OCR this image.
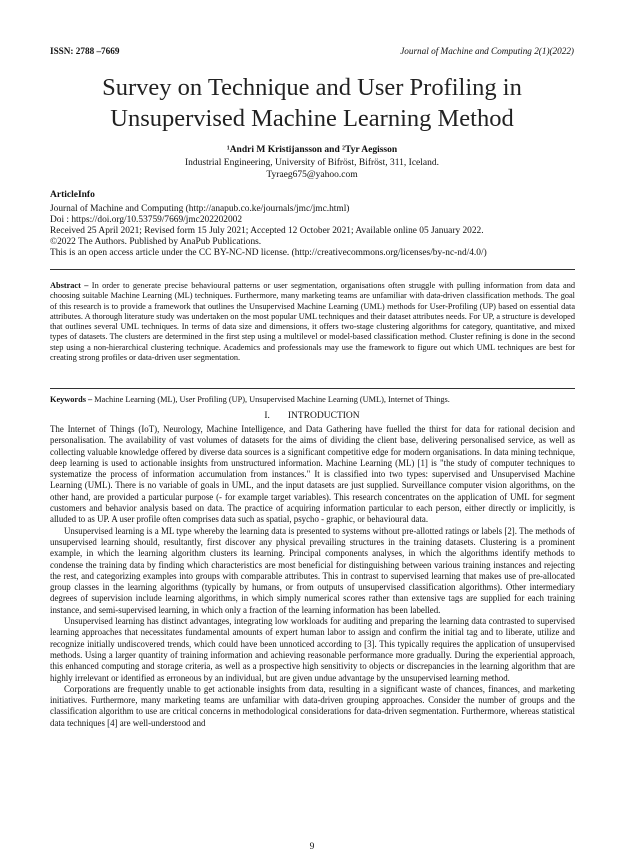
ISSN: 2788 –7669	Journal of Machine and Computing 2(1)(2022)
Survey on Technique and User Profiling in Unsupervised Machine Learning Method
¹Andri M Kristijansson and ²Tyr Aegisson
Industrial Engineering, University of Bifröst, Bifröst, 311, Iceland.
Tyraeg675@yahoo.com
ArticleInfo
Journal of Machine and Computing (http://anapub.co.ke/journals/jmc/jmc.html)
Doi : https://doi.org/10.53759/7669/jmc202202002
Received 25 April 2021; Revised form 15 July 2021; Accepted 12 October 2021; Available online 05 January 2022.
©2022 The Authors. Published by AnaPub Publications.
This is an open access article under the CC BY-NC-ND license. (http://creativecommons.org/licenses/by-nc-nd/4.0/)
Abstract – In order to generate precise behavioural patterns or user segmentation, organisations often struggle with pulling information from data and choosing suitable Machine Learning (ML) techniques. Furthermore, many marketing teams are unfamiliar with data-driven classification methods. The goal of this research is to provide a framework that outlines the Unsupervised Machine Learning (UML) methods for User-Profiling (UP) based on essential data attributes. A thorough literature study was undertaken on the most popular UML techniques and their dataset attributes needs. For UP, a structure is developed that outlines several UML techniques. In terms of data size and dimensions, it offers two-stage clustering algorithms for category, quantitative, and mixed types of datasets. The clusters are determined in the first step using a multilevel or model-based classification method. Cluster refining is done in the second step using a non-hierarchical clustering technique. Academics and professionals may use the framework to figure out which UML techniques are best for creating strong profiles or data-driven user segmentation.
Keywords – Machine Learning (ML), User Profiling (UP), Unsupervised Machine Learning (UML), Internet of Things.
I. INTRODUCTION

The Internet of Things (IoT), Neurology, Machine Intelligence, and Data Gathering have fuelled the thirst for data for rational decision and personalisation. The availability of vast volumes of datasets for the aims of dividing the client base, delivering personalised service, as well as collecting valuable knowledge offered by diverse data sources is a significant competitive edge for modern organisations. In data mining technique, deep learning is used to actionable insights from unstructured information. Machine Learning (ML) [1] is "the study of computer techniques to systematize the process of information accumulation from instances." It is classified into two types: supervised and Unsupervised Machine Learning (UML). There is no variable of goals in UML, and the input datasets are just supplied. Surveillance computer vision algorithms, on the other hand, are provided a particular purpose (- for example target variables). This research concentrates on the application of UML for segment customers and behavior analysis based on data. The practice of acquiring information particular to each person, either directly or implicitly, is alluded to as UP. A user profile often comprises data such as spatial, psycho - graphic, or behavioural data.

Unsupervised learning is a ML type whereby the learning data is presented to systems without pre-allotted ratings or labels [2]. The methods of unsupervised learning should, resultantly, first discover any physical prevailing structures in the training datasets. Clustering is a prominent example, in which the learning algorithm clusters its learning. Principal components analyses, in which the algorithms identify methods to condense the training data by finding which characteristics are most beneficial for distinguishing between various training instances and rejecting the rest, and categorizing examples into groups with comparable attributes. This in contrast to supervised learning that makes use of pre-allocated group classes in the learning algorithms (typically by humans, or from outputs of unsupervised classification algorithms). Other intermediary degrees of supervision include learning algorithms, in which simply numerical scores rather than extensive tags are supplied for each training instance, and semi-supervised learning, in which only a fraction of the learning information has been labelled.

Unsupervised learning has distinct advantages, integrating low workloads for auditing and preparing the learning data contrasted to supervised learning approaches that necessitates fundamental amounts of expert human labor to assign and confirm the initial tag and to liberate, utilize and recognize initially undiscovered trends, which could have been unnoticed according to [3]. This typically requires the application of unsupervised methods. Using a larger quantity of training information and achieving reasonable performance more gradually. During the experiential approach, this enhanced computing and storage criteria, as well as a prospective high sensitivity to objects or discrepancies in the learning algorithm that are highly irrelevant or identified as erroneous by an individual, but are given undue advantage by the unsupervised learning method.

Corporations are frequently unable to get actionable insights from data, resulting in a significant waste of chances, finances, and marketing initiatives. Furthermore, many marketing teams are unfamiliar with data-driven grouping approaches. Consider the number of groups and the classification algorithm to use are critical concerns in methodological considerations for data-driven segmentation. Furthermore, whereas statistical data techniques [4] are well-understood and

9
